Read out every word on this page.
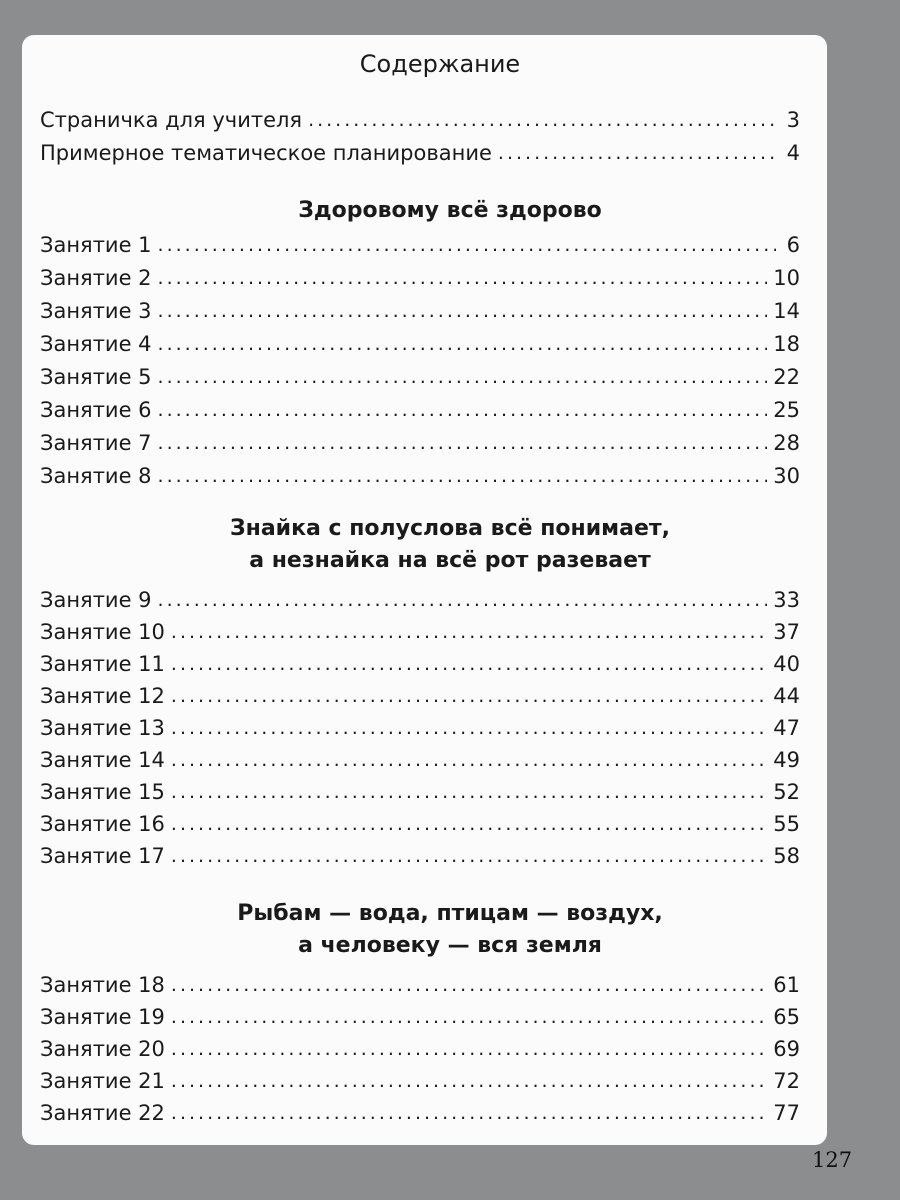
Содержание
Страничка для учителя .....	3
Примерное тематическое планирование .....	4
Здоровому всё здорово
Занятие 1 .....	6
Занятие 2 .....	10
Занятие 3 .....	14
Занятие 4 .....	18
Занятие 5 .....	22
Занятие 6 .....	25
Занятие 7 .....	28
Занятие 8 .....	30
Знайка с полуслова всё понимает,
а незнайка на всё рот разевает
Занятие 9 .....	33
Занятие 10 .....	37
Занятие 11 .....	40
Занятие 12 .....	44
Занятие 13 .....	47
Занятие 14 .....	49
Занятие 15 .....	52
Занятие 16 .....	55
Занятие 17 .....	58
Рыбам — вода, птицам — воздух,
а человеку — вся земля
Занятие 18 .....	61
Занятие 19 .....	65
Занятие 20 .....	69
Занятие 21 .....	72
Занятие 22 .....	77
127
